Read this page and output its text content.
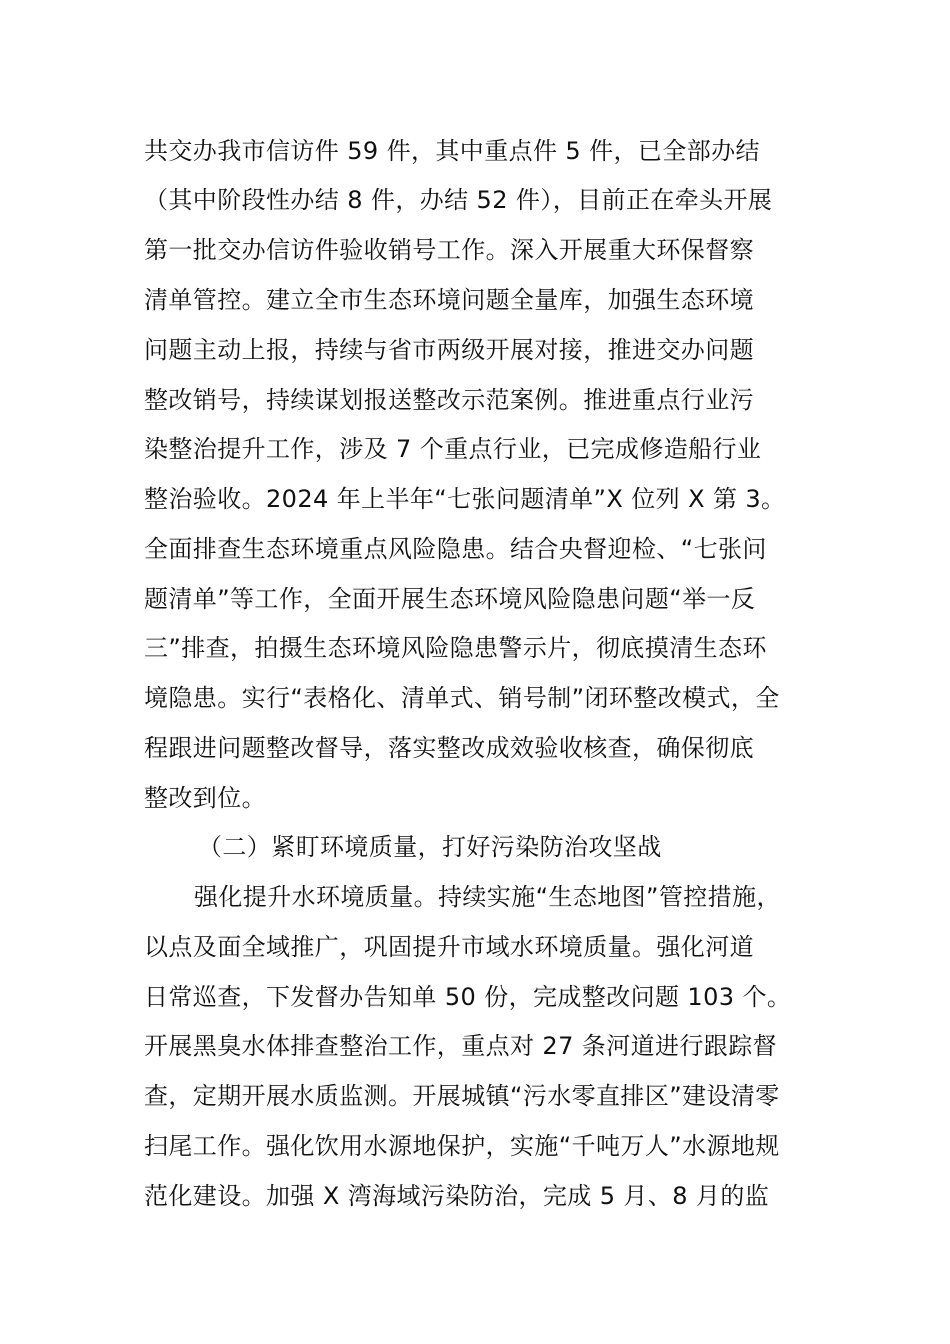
共交办我市信访件 59 件，其中重点件 5 件，已全部办结
（其中阶段性办结 8 件，办结 52 件），目前正在牵头开展
第一批交办信访件验收销号工作。深入开展重大环保督察
清单管控。建立全市生态环境问题全量库，加强生态环境
问题主动上报，持续与省市两级开展对接，推进交办问题
整改销号，持续谋划报送整改示范案例。推进重点行业污
染整治提升工作，涉及 7 个重点行业，已完成修造船行业
整治验收。2024 年上半年“七张问题清单”X 位列 X 第 3。
全面排查生态环境重点风险隐患。结合央督迎检、“七张问
题清单”等工作，全面开展生态环境风险隐患问题“举一反
三”排查，拍摄生态环境风险隐患警示片，彻底摸清生态环
境隐患。实行“表格化、清单式、销号制”闭环整改模式，全
程跟进问题整改督导，落实整改成效验收核查，确保彻底
整改到位。
（二）紧盯环境质量，打好污染防治攻坚战
强化提升水环境质量。持续实施“生态地图”管控措施，
以点及面全域推广，巩固提升市域水环境质量。强化河道
日常巡查，下发督办告知单 50 份，完成整改问题 103 个。
开展黑臭水体排查整治工作，重点对 27 条河道进行跟踪督
查，定期开展水质监测。开展城镇“污水零直排区”建设清零
扫尾工作。强化饮用水源地保护，实施“千吨万人”水源地规
范化建设。加强 X 湾海域污染防治，完成 5 月、8 月的监
